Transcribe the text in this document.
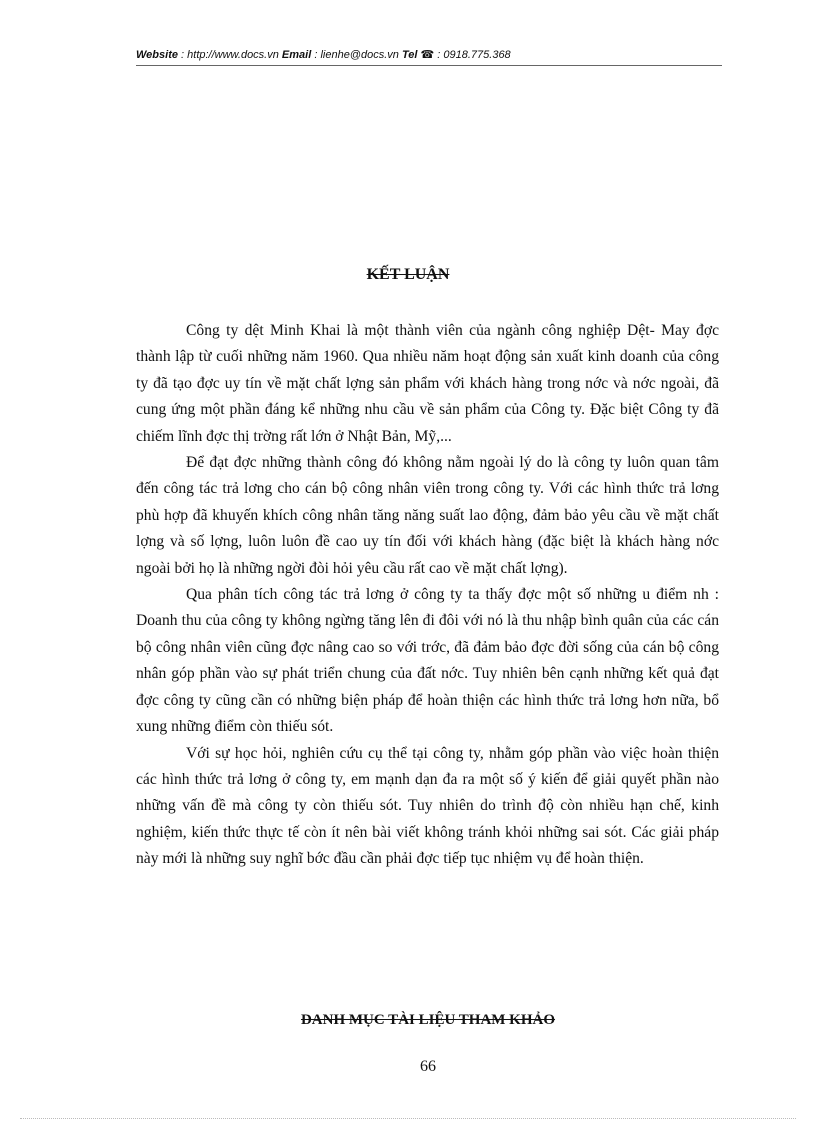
Website : http://www.docs.vn Email : lienhe@docs.vn Tel ☎ : 0918.775.368
KẾT LUẬN

Công ty dệt Minh Khai là một thành viên của ngành công nghiệp Dệt- May đợc thành lập từ cuối những năm 1960. Qua nhiều năm hoạt động sản xuất kinh doanh của công ty đã tạo đợc uy tín về mặt chất lợng sản phẩm với khách hàng trong nớc và nớc ngoài, đã cung ứng một phần đáng kể những nhu cầu về sản phẩm của Công ty. Đặc biệt Công ty đã chiếm lĩnh đợc thị trờng rất lớn ở Nhật Bản, Mỹ,...

Để đạt đợc những thành công đó không nằm ngoài lý do là công ty luôn quan tâm đến công tác trả lơng cho cán bộ công nhân viên trong công ty. Với các hình thức trả lơng phù hợp đã khuyến khích công nhân tăng năng suất lao động, đảm bảo yêu cầu về mặt chất lợng và số lợng, luôn luôn đề cao uy tín đối với khách hàng (đặc biệt là khách hàng nớc ngoài bởi họ là những ngời đòi hỏi yêu cầu rất cao về mặt chất lợng).

Qua phân tích công tác trả lơng ở công ty ta thấy đợc một số những u điểm nh : Doanh thu của công ty không ngừng tăng lên đi đôi với nó là thu nhập bình quân của các cán bộ công nhân viên cũng đợc nâng cao so với trớc, đã đảm bảo đợc đời sống của cán bộ công nhân góp phần vào sự phát triển chung của đất nớc. Tuy nhiên bên cạnh những kết quả đạt đợc công ty cũng cần có những biện pháp để hoàn thiện các hình thức trả lơng hơn nữa, bổ xung những điểm còn thiếu sót.

Với sự học hỏi, nghiên cứu cụ thể tại công ty, nhằm góp phần vào việc hoàn thiện các hình thức trả lơng ở công ty, em mạnh dạn đa ra một số ý kiến để giải quyết phần nào những vấn đề mà công ty còn thiếu sót. Tuy nhiên do trình độ còn nhiều hạn chế, kinh nghiệm, kiến thức thực tế còn ít nên bài viết không tránh khỏi những sai sót. Các giải pháp này mới là những suy nghĩ bớc đầu cần phải đợc tiếp tục nhiệm vụ để hoàn thiện.

DANH MỤC TÀI LIỆU THAM KHẢO
66
